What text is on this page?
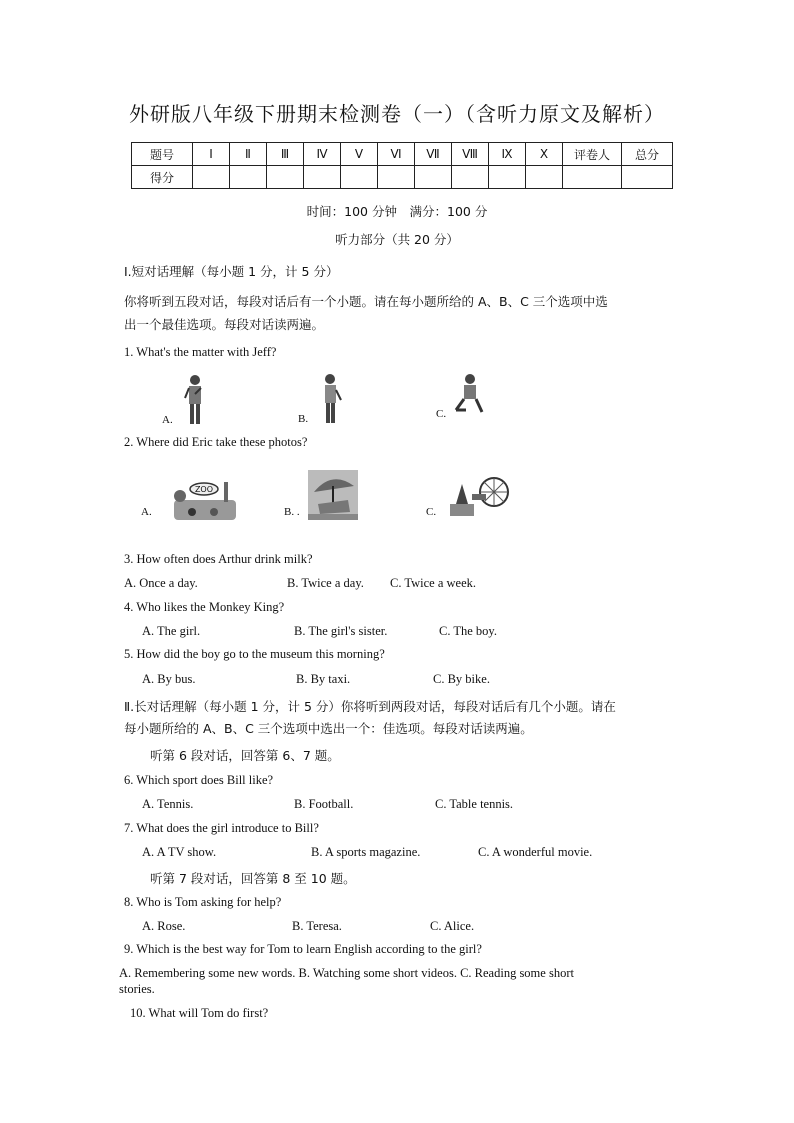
外研版八年级下册期末检测卷（一）（含听力原文及解析）
题号	Ⅰ	Ⅱ	Ⅲ	Ⅳ	Ⅴ	Ⅵ	Ⅶ	Ⅷ	Ⅸ	Ⅹ	评卷人	总分
得分												
时间：100 分钟　满分：100 分
听力部分（共 20 分）
I.短对话理解（每小题 1 分，计 5 分）
你将听到五段对话，每段对话后有一个小题。请在每小题所给的 A、B、C 三个选项中选
出一个最佳选项。每段对话读两遍。
1. What's the matter with Jeff?
A.	B.	C.
2. Where did Eric take these photos?
ZOO
A.	B. .	C.
3. How often does Arthur drink milk?
A. Once a day.	B. Twice a day. C. Twice a week.
4. Who likes the Monkey King?
A. The girl.	B. The girl's sister.	C. The boy.
5. How did the boy go to the museum this morning?
A. By bus.	B. By taxi.	C. By bike.
Ⅱ.长对话理解（每小题 1 分，计 5 分）你将听到两段对话，每段对话后有几个小题。请在
每小题所给的 A、B、C 三个选项中选出一个：佳选项。每段对话读两遍。
听第 6 段对话，回答第 6、7 题。
6. Which sport does Bill like?
A. Tennis.	B. Football.	C. Table tennis.
7. What does the girl introduce to Bill?
A. A TV show.	B. A sports magazine.	C. A wonderful movie.
听第 7 段对话，回答第 8 至 10 题。
8. Who is Tom asking for help?
A. Rose.	B. Teresa.	C. Alice.
9. Which is the best way for Tom to learn English according to the girl?
A. Remembering some new words. B. Watching some short videos. C. Reading some short
stories.
10. What will Tom do first?
